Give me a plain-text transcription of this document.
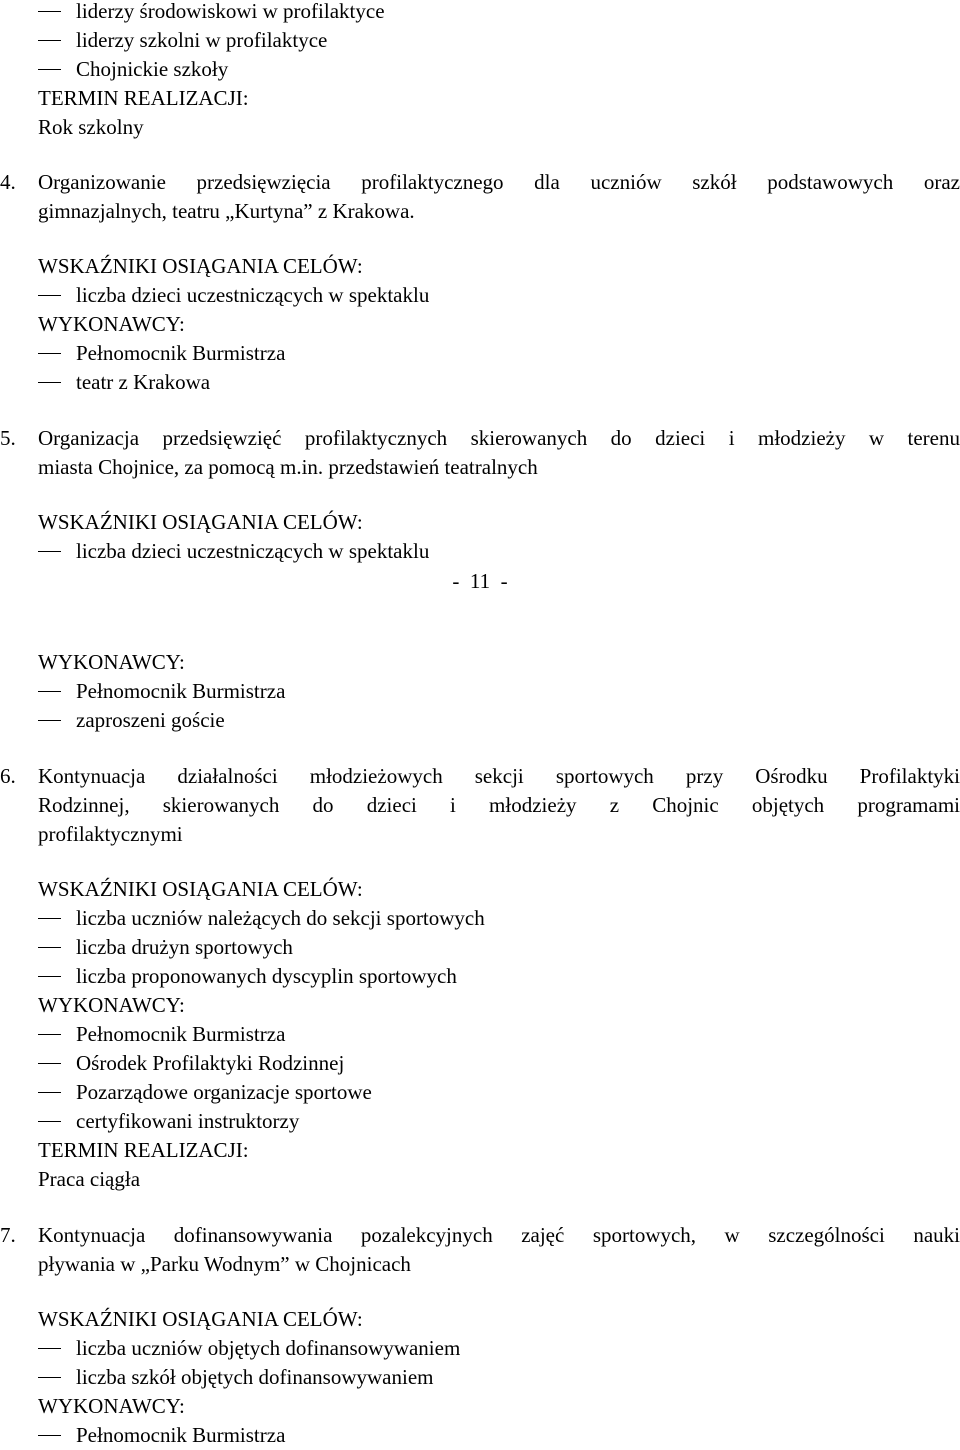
liderzy środowiskowi w profilaktyce
liderzy szkolni w profilaktyce
Chojnickie szkoły
TERMIN REALIZACJI:
Rok szkolny
4. Organizowanie przedsięwzięcia profilaktycznego dla uczniów szkół podstawowych oraz
gimnazjalnych, teatru „Kurtyna” z Krakowa.
WSKAŹNIKI OSIĄGANIA CELÓW:
liczba dzieci uczestniczących w spektaklu
WYKONAWCY:
Pełnomocnik Burmistrza
teatr z Krakowa
5. Organizacja przedsięwzięć profilaktycznych skierowanych do dzieci i młodzieży w terenu
miasta Chojnice, za pomocą m.in. przedstawień teatralnych
WSKAŹNIKI OSIĄGANIA CELÓW:
liczba dzieci uczestniczących w spektaklu
-  11  -
WYKONAWCY:
Pełnomocnik Burmistrza
zaproszeni goście
6. Kontynuacja działalności młodzieżowych sekcji sportowych przy Ośrodku Profilaktyki
Rodzinnej, skierowanych do dzieci i młodzieży z Chojnic objętych programami
profilaktycznymi
WSKAŹNIKI OSIĄGANIA CELÓW:
liczba uczniów należących do sekcji sportowych
liczba drużyn sportowych
liczba proponowanych dyscyplin sportowych
WYKONAWCY:
Pełnomocnik Burmistrza
Ośrodek Profilaktyki Rodzinnej
Pozarządowe organizacje sportowe
certyfikowani instruktorzy
TERMIN REALIZACJI:
Praca ciągła
7. Kontynuacja dofinansowywania pozalekcyjnych zajęć sportowych, w szczególności nauki
pływania w „Parku Wodnym” w Chojnicach
WSKAŹNIKI OSIĄGANIA CELÓW:
liczba uczniów objętych dofinansowywaniem
liczba szkół objętych dofinansowywaniem
WYKONAWCY:
Pełnomocnik Burmistrza
